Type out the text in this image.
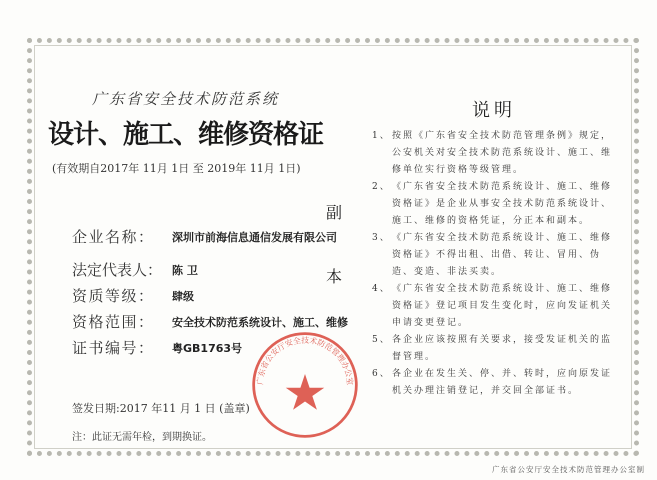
广东省安全技术防范系统
设计、施工、维修资格证
(有效期自2017年 11月 1日 至 2019年 11月 1日)
副
本
企业名称： 深圳市前海信息通信发展有限公司
法定代表人： 陈 卫
资质等级： 肆级
资格范围： 安全技术防范系统设计、施工、维修
证书编号： 粤GB1763号
签发日期:2017 年11 月 1 日 (盖章)
注：此证无需年检，到期换证。
广东省公安厅安全技术防范管理办公室
说明
1、 按照《广东省安全技术防范管理条例》规定，公安机关对安全技术防范系统设计、施工、维修单位实行资格等级管理。
2、 《广东省安全技术防范系统设计、施工、维修资格证》是企业从事安全技术防范系统设计、施工、维修的资格凭证，分正本和副本。
3、 《广东省安全技术防范系统设计、施工、维修资格证》不得出租、出借、转让、冒用、伪造、变造、非法买卖。
4、 《广东省安全技术防范系统设计、施工、维修资格证》登记项目发生变化时，应向发证机关申请变更登记。
5、 各企业应该按照有关要求，接受发证机关的监督管理。
6、 各企业在发生关、停、并、转时，应向原发证机关办理注销登记，并交回全部证书。
广东省公安厅安全技术防范管理办公室制
